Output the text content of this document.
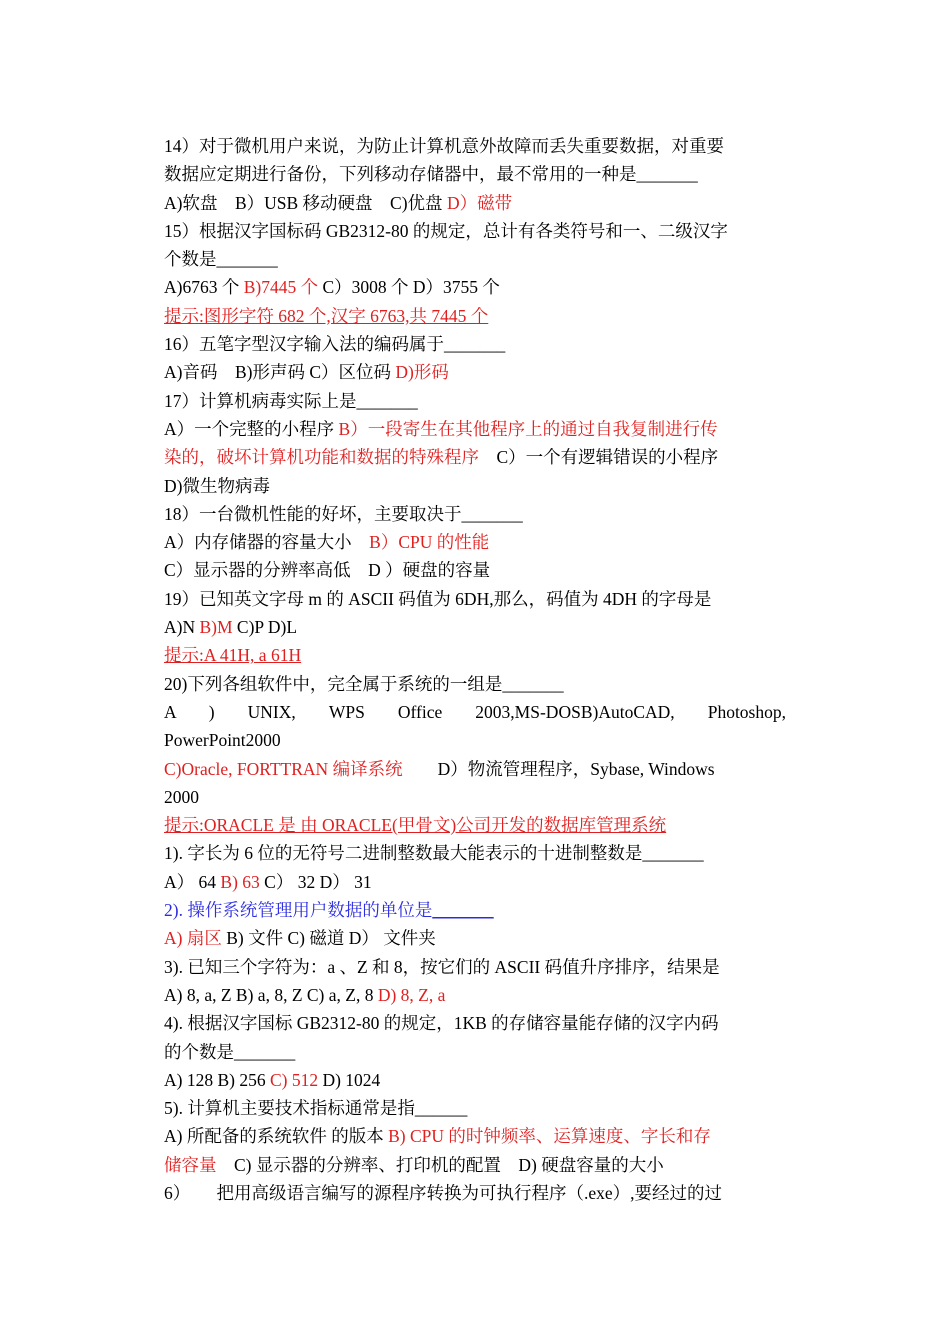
14）对于微机用户来说，为防止计算机意外故障而丢失重要数据，对重要
数据应定期进行备份，下列移动存储器中，最不常用的一种是_______
A)软盘　B）USB 移动硬盘　C)优盘 D）磁带
15）根据汉字国标码 GB2312-80 的规定，总计有各类符号和一、二级汉字
个数是_______
A)6763 个 B)7445 个 C）3008 个 D）3755 个
提示:图形字符 682 个,汉字 6763,共 7445 个
16）五笔字型汉字输入法的编码属于_______
A)音码　B)形声码 C）区位码 D)形码
17）计算机病毒实际上是_______
A）一个完整的小程序 B）一段寄生在其他程序上的通过自我复制进行传
染的，破坏计算机功能和数据的特殊程序　C）一个有逻辑错误的小程序
D)微生物病毒
18）一台微机性能的好坏，主要取决于_______
A）内存储器的容量大小　B）CPU 的性能
C）显示器的分辨率高低　D ）硬盘的容量
19）已知英文字母 m 的 ASCII 码值为 6DH,那么，码值为 4DH 的字母是
A)N B)M C)P D)L
提示:A 41H, a 61H
20)下列各组软件中，完全属于系统的一组是_______
A　)　UNIX,　WPS　Office　2003,MS-DOSB)AutoCAD,　Photoshop,
PowerPoint2000
C)Oracle, FORTTRAN 编译系统　　D）物流管理程序，Sybase, Windows
2000
提示:ORACLE 是 由 ORACLE(甲骨文)公司开发的数据库管理系统
1). 字长为 6 位的无符号二进制整数最大能表示的十进制整数是_______
A） 64 B) 63 C） 32 D） 31
2). 操作系统管理用户数据的单位是_______
A) 扇区 B) 文件 C) 磁道 D） 文件夹
3). 已知三个字符为：a 、Z 和 8，按它们的 ASCII 码值升序排序，结果是
A) 8, a, Z B) a, 8, Z C) a, Z, 8 D) 8, Z, a
4). 根据汉字国标 GB2312-80 的规定，1KB 的存储容量能存储的汉字内码
的个数是_______
A) 128 B) 256 C) 512 D) 1024
5). 计算机主要技术指标通常是指______
A) 所配备的系统软件 的版本 B) CPU 的时钟频率、运算速度、字长和存
储容量　C) 显示器的分辨率、打印机的配置　D) 硬盘容量的大小
6）　　把用高级语言编写的源程序转换为可执行程序（.exe）,要经过的过
